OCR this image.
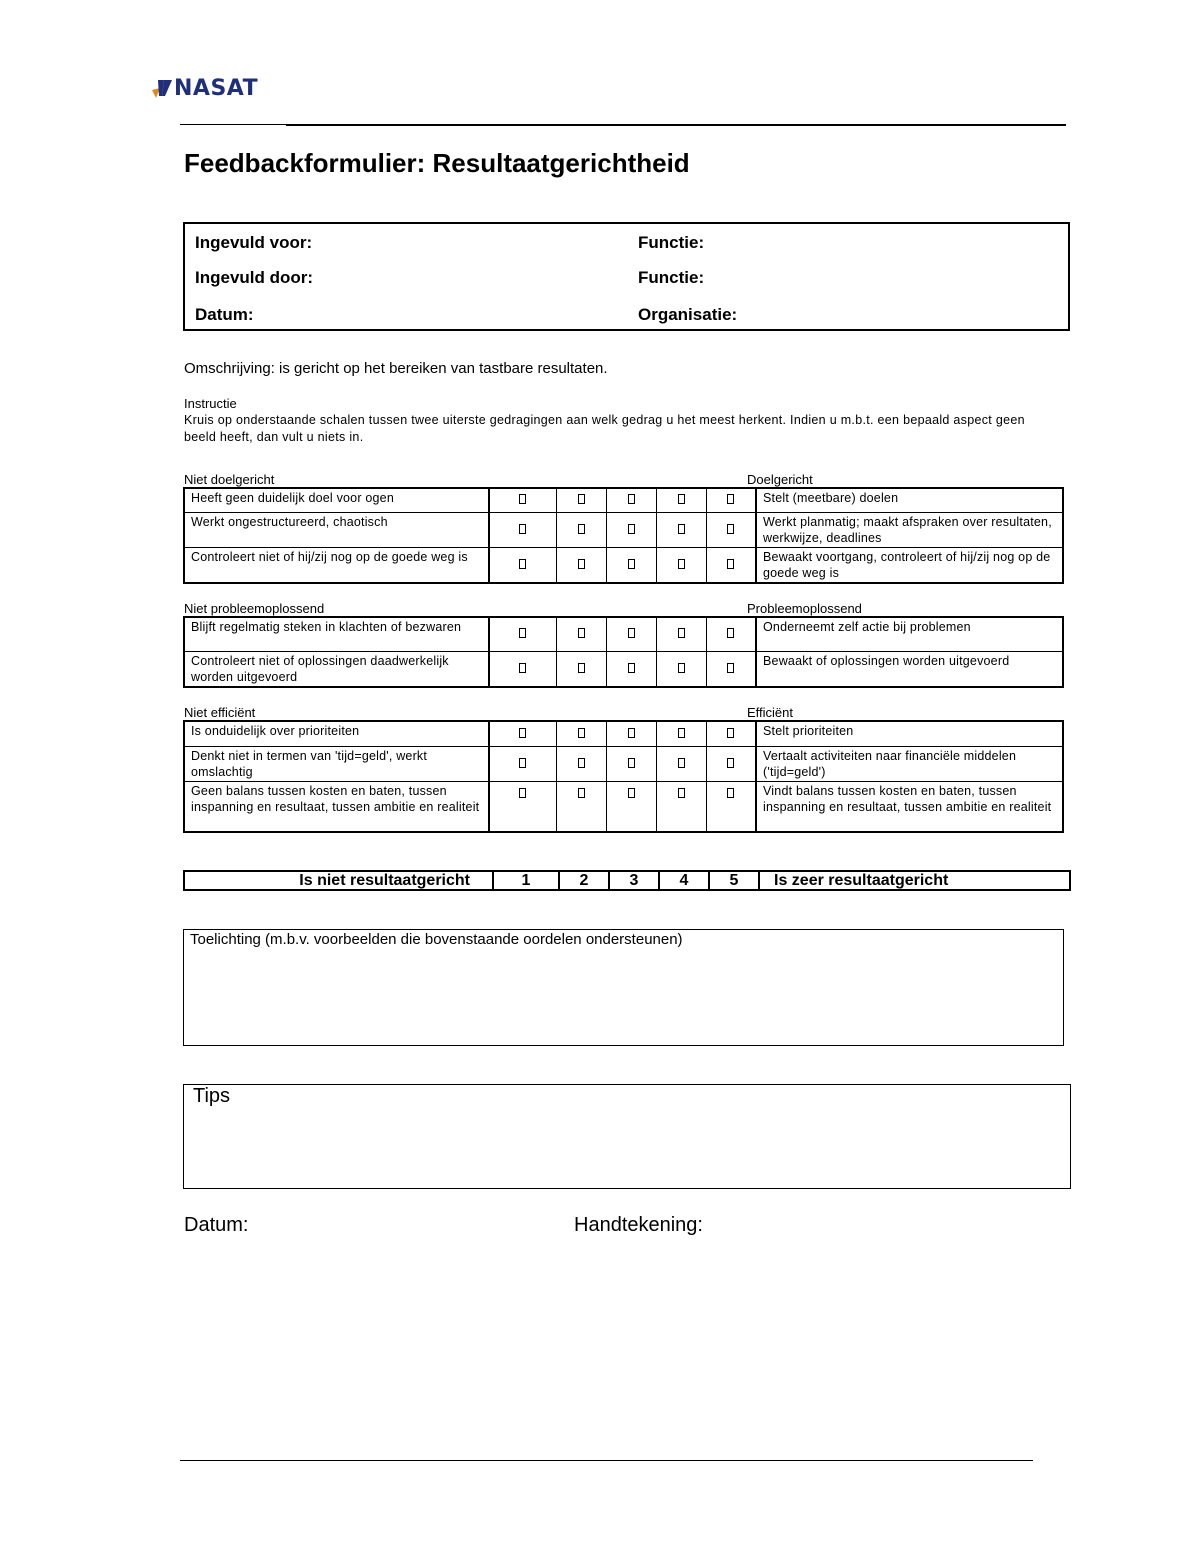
NASAT
Feedbackformulier: Resultaatgerichtheid
Ingevuld voor:	Functie:
Ingevuld door:	Functie:
Datum:	Organisatie:
Omschrijving: is gericht op het bereiken van tastbare resultaten.
Instructie
Kruis op onderstaande schalen tussen twee uiterste gedragingen aan welk gedrag u het meest herkent. Indien u m.b.t. een bepaald aspect geen beeld heeft, dan vult u niets in.
Niet doelgericht	Doelgericht
Heeft geen duidelijk doel voor ogen						Stelt (meetbare) doelen
Werkt ongestructureerd, chaotisch						Werkt planmatig; maakt afspraken over resultaten, werkwijze, deadlines
Controleert niet of hij/zij nog op de goede weg is						Bewaakt voortgang, controleert of hij/zij nog op de goede weg is
Niet probleemoplossend	Probleemoplossend
Blijft regelmatig steken in klachten of bezwaren						Onderneemt zelf actie bij problemen
Controleert niet of oplossingen daadwerkelijk worden uitgevoerd						Bewaakt of oplossingen worden uitgevoerd
Niet efficiënt	Efficiënt
Is onduidelijk over prioriteiten						Stelt prioriteiten
Denkt niet in termen van 'tijd=geld', werkt omslachtig						Vertaalt activiteiten naar financiële middelen ('tijd=geld')
Geen balans tussen kosten en baten, tussen inspanning en resultaat, tussen ambitie en realiteit						Vindt balans tussen kosten en baten, tussen inspanning en resultaat, tussen ambitie en realiteit
Is niet resultaatgericht	1	2	3	4	5	Is zeer resultaatgericht
Toelichting (m.b.v. voorbeelden die bovenstaande oordelen ondersteunen)
Tips
Datum:	Handtekening:
